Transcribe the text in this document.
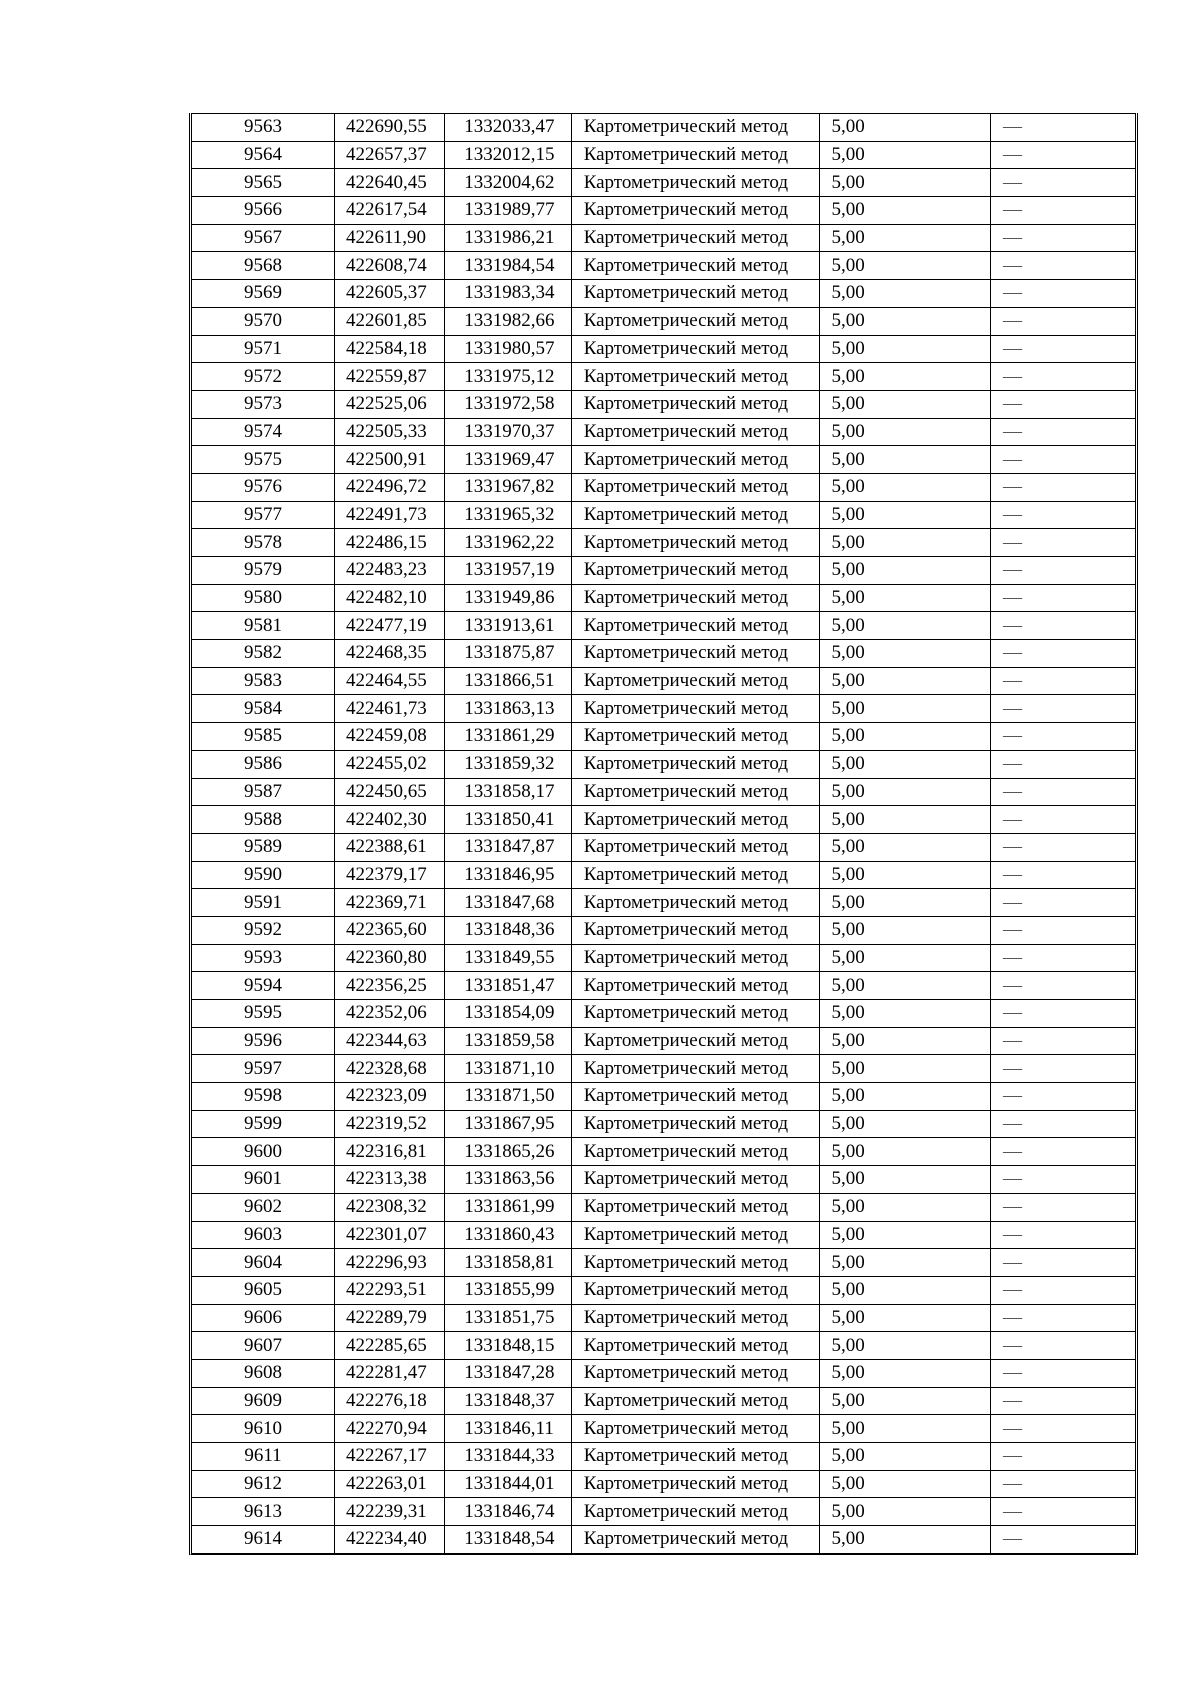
9563	422690,55	1332033,47	Картометрический метод	5,00	—
9564	422657,37	1332012,15	Картометрический метод	5,00	—
9565	422640,45	1332004,62	Картометрический метод	5,00	—
9566	422617,54	1331989,77	Картометрический метод	5,00	—
9567	422611,90	1331986,21	Картометрический метод	5,00	—
9568	422608,74	1331984,54	Картометрический метод	5,00	—
9569	422605,37	1331983,34	Картометрический метод	5,00	—
9570	422601,85	1331982,66	Картометрический метод	5,00	—
9571	422584,18	1331980,57	Картометрический метод	5,00	—
9572	422559,87	1331975,12	Картометрический метод	5,00	—
9573	422525,06	1331972,58	Картометрический метод	5,00	—
9574	422505,33	1331970,37	Картометрический метод	5,00	—
9575	422500,91	1331969,47	Картометрический метод	5,00	—
9576	422496,72	1331967,82	Картометрический метод	5,00	—
9577	422491,73	1331965,32	Картометрический метод	5,00	—
9578	422486,15	1331962,22	Картометрический метод	5,00	—
9579	422483,23	1331957,19	Картометрический метод	5,00	—
9580	422482,10	1331949,86	Картометрический метод	5,00	—
9581	422477,19	1331913,61	Картометрический метод	5,00	—
9582	422468,35	1331875,87	Картометрический метод	5,00	—
9583	422464,55	1331866,51	Картометрический метод	5,00	—
9584	422461,73	1331863,13	Картометрический метод	5,00	—
9585	422459,08	1331861,29	Картометрический метод	5,00	—
9586	422455,02	1331859,32	Картометрический метод	5,00	—
9587	422450,65	1331858,17	Картометрический метод	5,00	—
9588	422402,30	1331850,41	Картометрический метод	5,00	—
9589	422388,61	1331847,87	Картометрический метод	5,00	—
9590	422379,17	1331846,95	Картометрический метод	5,00	—
9591	422369,71	1331847,68	Картометрический метод	5,00	—
9592	422365,60	1331848,36	Картометрический метод	5,00	—
9593	422360,80	1331849,55	Картометрический метод	5,00	—
9594	422356,25	1331851,47	Картометрический метод	5,00	—
9595	422352,06	1331854,09	Картометрический метод	5,00	—
9596	422344,63	1331859,58	Картометрический метод	5,00	—
9597	422328,68	1331871,10	Картометрический метод	5,00	—
9598	422323,09	1331871,50	Картометрический метод	5,00	—
9599	422319,52	1331867,95	Картометрический метод	5,00	—
9600	422316,81	1331865,26	Картометрический метод	5,00	—
9601	422313,38	1331863,56	Картометрический метод	5,00	—
9602	422308,32	1331861,99	Картометрический метод	5,00	—
9603	422301,07	1331860,43	Картометрический метод	5,00	—
9604	422296,93	1331858,81	Картометрический метод	5,00	—
9605	422293,51	1331855,99	Картометрический метод	5,00	—
9606	422289,79	1331851,75	Картометрический метод	5,00	—
9607	422285,65	1331848,15	Картометрический метод	5,00	—
9608	422281,47	1331847,28	Картометрический метод	5,00	—
9609	422276,18	1331848,37	Картометрический метод	5,00	—
9610	422270,94	1331846,11	Картометрический метод	5,00	—
9611	422267,17	1331844,33	Картометрический метод	5,00	—
9612	422263,01	1331844,01	Картометрический метод	5,00	—
9613	422239,31	1331846,74	Картометрический метод	5,00	—
9614	422234,40	1331848,54	Картометрический метод	5,00	—
